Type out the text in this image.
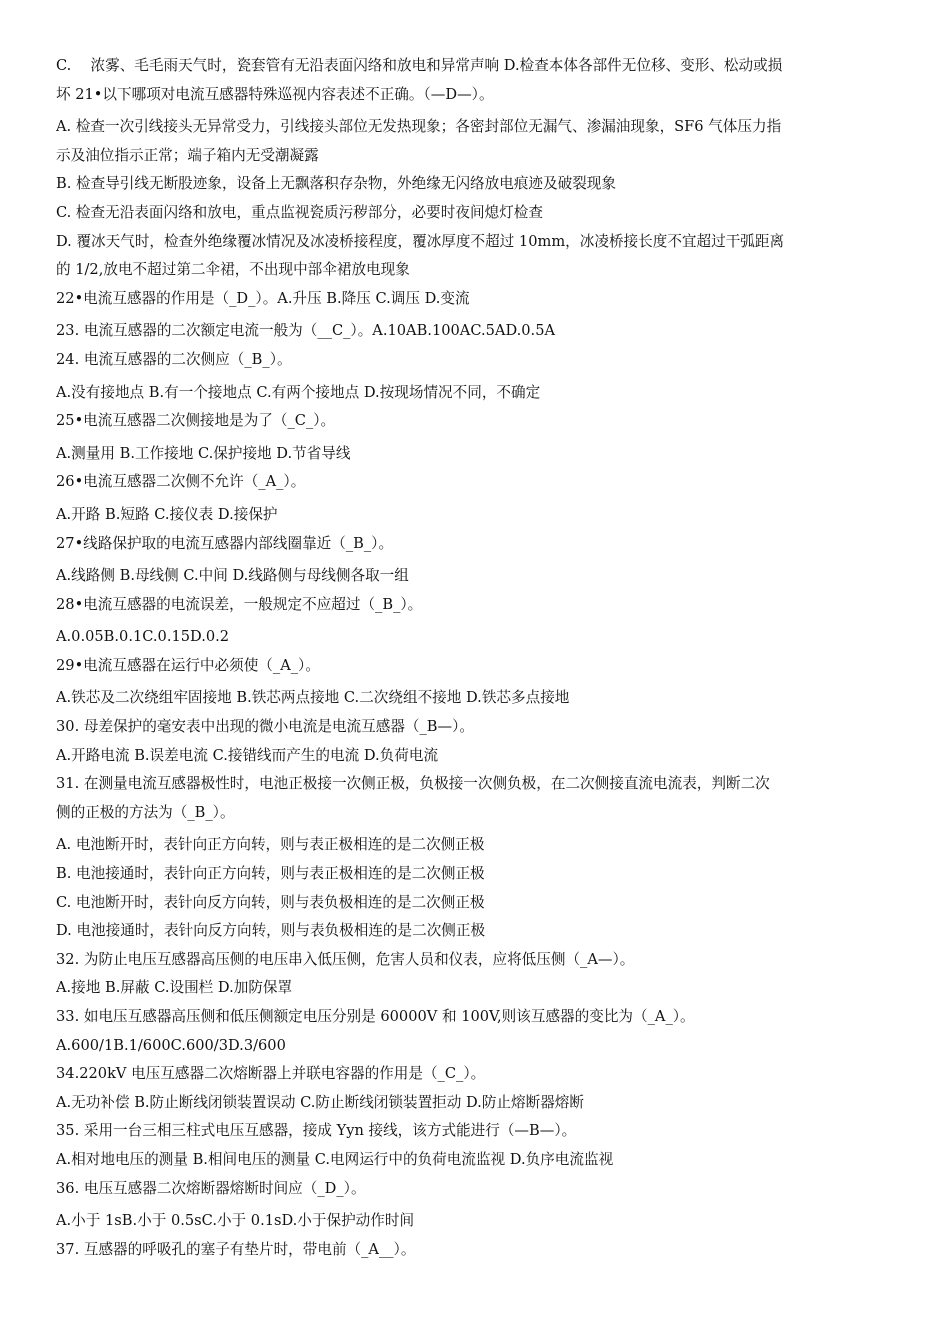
C.　 浓雾、毛毛雨天气时，瓷套管有无沿表面闪络和放电和异常声响 D.检查本体各部件无位移、变形、松动或损
坏 21•以下哪项对电流互感器特殊巡视内容表述不正确。（—D—）。
A. 检查一次引线接头无异常受力，引线接头部位无发热现象；各密封部位无漏气、渗漏油现象，SF6 气体压力指
示及油位指示正常；端子箱内无受潮凝露
B. 检查导引线无断股迹象，设备上无飘落积存杂物，外绝缘无闪络放电痕迹及破裂现象
C. 检查无沿表面闪络和放电，重点监视瓷质污秽部分，必要时夜间熄灯检查
D. 覆冰天气时，检查外绝缘覆冰情况及冰凌桥接程度，覆冰厚度不超过 10mm，冰凌桥接长度不宜超过干弧距离
的 1/2,放电不超过第二伞裙，不出现中部伞裙放电现象
22•电流互感器的作用是（_D_）。A.升压 B.降压 C.调压 D.变流
23. 电流互感器的二次额定电流一般为（__C_）。A.10AB.100AC.5AD.0.5A
24. 电流互感器的二次侧应（_B_）。
A.没有接地点 B.有一个接地点 C.有两个接地点 D.按现场情况不同，不确定
25•电流互感器二次侧接地是为了（_C_）。
A.测量用 B.工作接地 C.保护接地 D.节省导线
26•电流互感器二次侧不允许（_A_）。
A.开路 B.短路 C.接仪表 D.接保护
27•线路保护取的电流互感器内部线圈靠近（_B_）。
A.线路侧 B.母线侧 C.中间 D.线路侧与母线侧各取一组
28•电流互感器的电流误差，一般规定不应超过（_B_）。
A.0.05B.0.1C.0.15D.0.2
29•电流互感器在运行中必须使（_A_）。
A.铁芯及二次绕组牢固接地 B.铁芯两点接地 C.二次绕组不接地 D.铁芯多点接地
30. 母差保护的毫安表中出现的微小电流是电流互感器（_B—）。
A.开路电流 B.误差电流 C.接错线而产生的电流 D.负荷电流
31. 在测量电流互感器极性时，电池正极接一次侧正极，负极接一次侧负极，在二次侧接直流电流表，判断二次
侧的正极的方法为（_B_）。
A. 电池断开时，表针向正方向转，则与表正极相连的是二次侧正极
B. 电池接通时，表针向正方向转，则与表正极相连的是二次侧正极
C. 电池断开时，表针向反方向转，则与表负极相连的是二次侧正极
D. 电池接通时，表针向反方向转，则与表负极相连的是二次侧正极
32. 为防止电压互感器高压侧的电压串入低压侧，危害人员和仪表，应将低压侧（_A—）。
A.接地 B.屏蔽 C.设围栏 D.加防保罩
33. 如电压互感器高压侧和低压侧额定电压分别是 60000V 和 100V,则该互感器的变比为（_A_）。
A.600/1B.1/600C.600/3D.3/600
34.220kV 电压互感器二次熔断器上并联电容器的作用是（_C_）。
A.无功补偿 B.防止断线闭锁装置误动 C.防止断线闭锁装置拒动 D.防止熔断器熔断
35. 采用一台三相三柱式电压互感器，接成 Yyn 接线，该方式能进行（—B—）。
A.相对地电压的测量 B.相间电压的测量 C.电网运行中的负荷电流监视 D.负序电流监视
36. 电压互感器二次熔断器熔断时间应（_D_）。
A.小于 1sB.小于 0.5sC.小于 0.1sD.小于保护动作时间
37. 互感器的呼吸孔的塞子有垫片时，带电前（_A__）。
